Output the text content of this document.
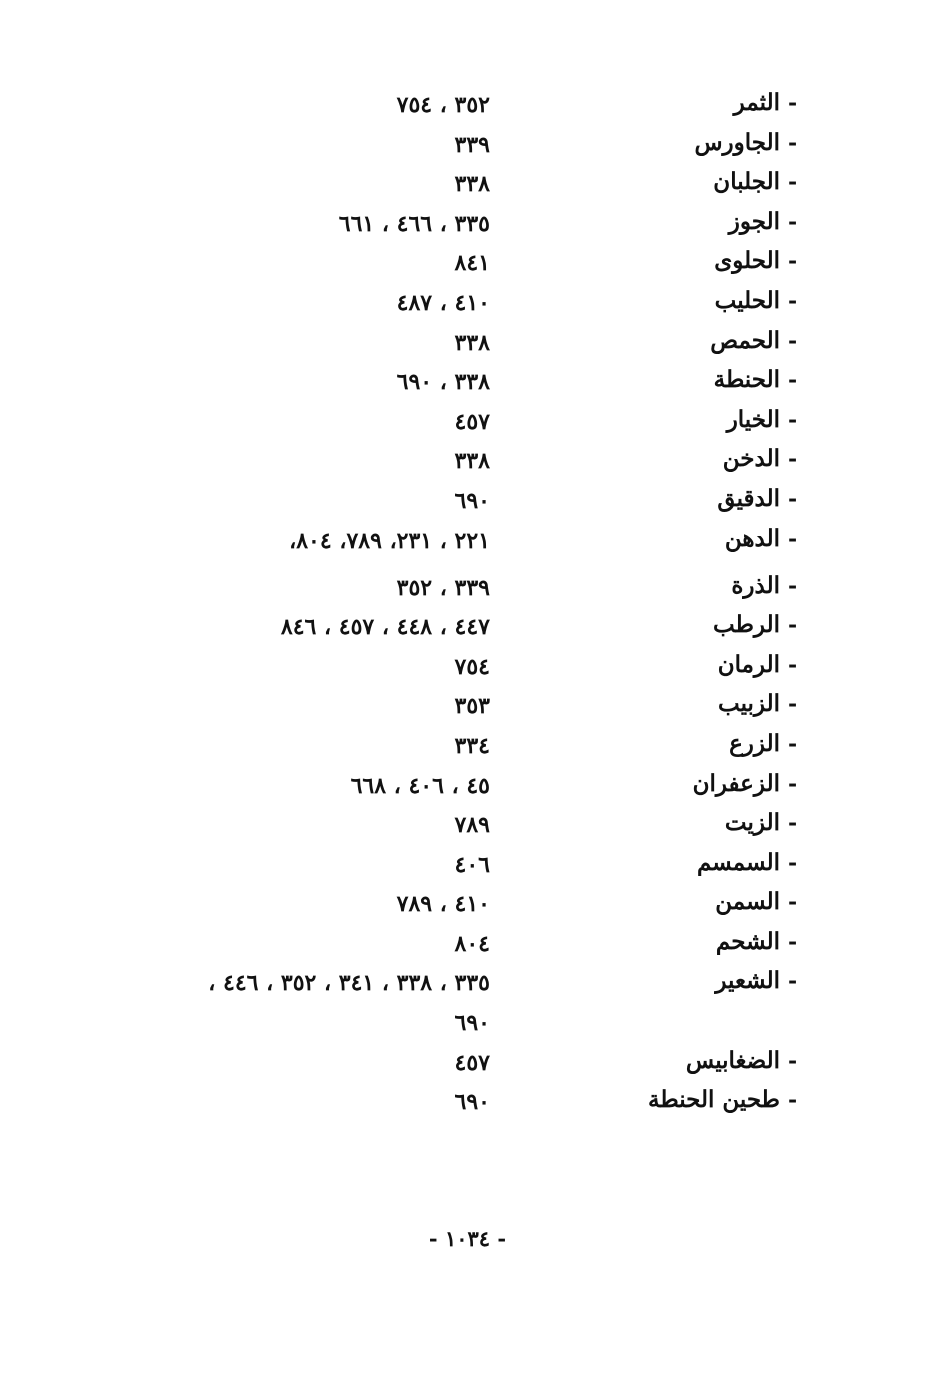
-
الثمر
٣٥٢ ، ٧٥٤
-
الجاورس
٣٣٩
-
الجلبان
٣٣٨
-
الجوز
٣٣٥ ، ٤٦٦ ، ٦٦١
-
الحلوى
٨٤١
-
الحليب
٤١٠ ، ٤٨٧
-
الحمص
٣٣٨
-
الحنطة
٣٣٨ ، ٦٩٠
-
الخيار
٤٥٧
-
الدخن
٣٣٨
-
الدقيق
٦٩٠
-
الدهن
٢٢١ ، ٢٣١، ٧٨٩، ٨٠٤،
-
الذرة
٣٣٩ ، ٣٥٢
-
الرطب
٤٤٧ ، ٤٤٨ ، ٤٥٧ ، ٨٤٦
-
الرمان
٧٥٤
-
الزبيب
٣٥٣
-
الزرع
٣٣٤
-
الزعفران
٤٥ ، ٤٠٦ ، ٦٦٨
-
الزيت
٧٨٩
-
السمسم
٤٠٦
-
السمن
٤١٠ ، ٧٨٩
-
الشحم
٨٠٤
-
الشعير
٣٣٥ ، ٣٣٨ ، ٣٤١ ، ٣٥٢ ، ٤٤٦ ،
٦٩٠
-
الضغابيس
٤٥٧
-
طحين الحنطة
٦٩٠
- ١٠٣٤ -
